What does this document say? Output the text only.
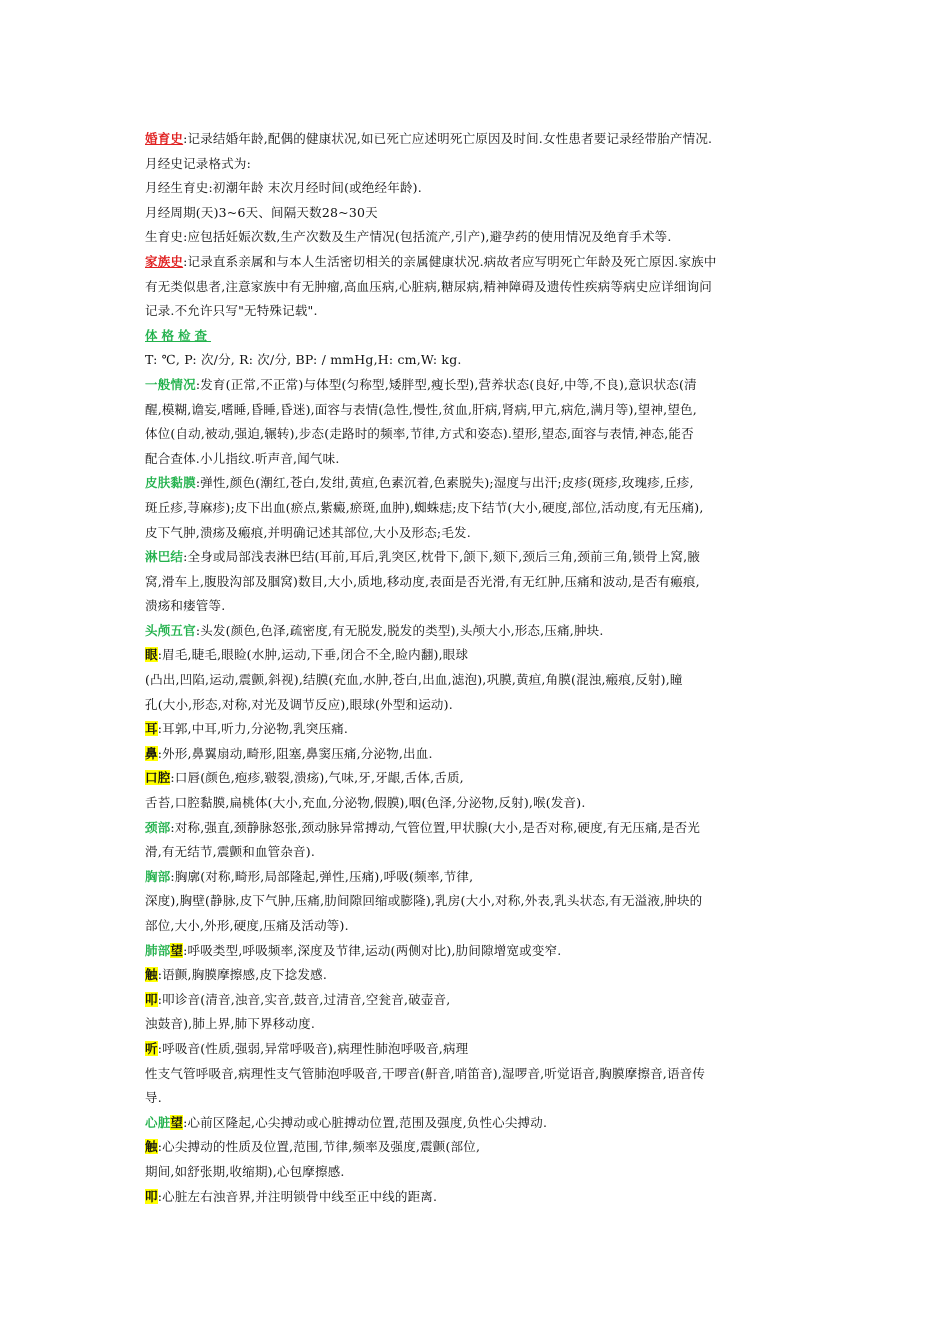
婚育史:记录结婚年龄,配偶的健康状况,如已死亡应述明死亡原因及时间.女性患者要记录经带胎产情况.
月经史记录格式为:
月经生育史:初潮年龄 末次月经时间(或绝经年龄).
月经周期(天)3~6天、间隔天数28~30天
生育史:应包括妊娠次数,生产次数及生产情况(包括流产,引产),避孕药的使用情况及绝育手术等.
家族史:记录直系亲属和与本人生活密切相关的亲属健康状况.病故者应写明死亡年龄及死亡原因.家族中
有无类似患者,注意家族中有无肿瘤,高血压病,心脏病,糖尿病,精神障碍及遗传性疾病等病史应详细询问
记录.不允许只写"无特殊记载".
体格检查
T: ℃, P: 次/分, R: 次/分, BP: / mmHg,H: cm,W: kg.
一般情况:发育(正常,不正常)与体型(匀称型,矮胖型,瘦长型),营养状态(良好,中等,不良),意识状态(清
醒,模糊,谵妄,嗜睡,昏睡,昏迷),面容与表情(急性,慢性,贫血,肝病,肾病,甲亢,病危,满月等),望神,望色,
体位(自动,被动,强迫,辗转),步态(走路时的频率,节律,方式和姿态).望形,望态,面容与表情,神态,能否
配合查体.小儿指纹.听声音,闻气味.
皮肤黏膜:弹性,颜色(潮红,苍白,发绀,黄疸,色素沉着,色素脱失);湿度与出汗;皮疹(斑疹,玫瑰疹,丘疹,
斑丘疹,荨麻疹);皮下出血(瘀点,紫癜,瘀斑,血肿),蜘蛛痣;皮下结节(大小,硬度,部位,活动度,有无压痛),
皮下气肿,溃疡及瘢痕,并明确记述其部位,大小及形态;毛发.
淋巴结:全身或局部浅表淋巴结(耳前,耳后,乳突区,枕骨下,颌下,颏下,颈后三角,颈前三角,锁骨上窝,腋
窝,滑车上,腹股沟部及腘窝)数目,大小,质地,移动度,表面是否光滑,有无红肿,压痛和波动,是否有瘢痕,
溃疡和瘘管等.
头颅五官:头发(颜色,色泽,疏密度,有无脱发,脱发的类型),头颅大小,形态,压痛,肿块.
眼:眉毛,睫毛,眼睑(水肿,运动,下垂,闭合不全,睑内翻),眼球
(凸出,凹陷,运动,震颤,斜视),结膜(充血,水肿,苍白,出血,滤泡),巩膜,黄疸,角膜(混浊,瘢痕,反射),瞳
孔(大小,形态,对称,对光及调节反应),眼球(外型和运动).
耳:耳郭,中耳,听力,分泌物,乳突压痛.
鼻:外形,鼻翼扇动,畸形,阻塞,鼻窦压痛,分泌物,出血.
口腔:口唇(颜色,疱疹,皲裂,溃疡),气味,牙,牙龈,舌体,舌质,
舌苔,口腔黏膜,扁桃体(大小,充血,分泌物,假膜),咽(色泽,分泌物,反射),喉(发音).
颈部:对称,强直,颈静脉怒张,颈动脉异常搏动,气管位置,甲状腺(大小,是否对称,硬度,有无压痛,是否光
滑,有无结节,震颤和血管杂音).
胸部:胸廓(对称,畸形,局部隆起,弹性,压痛),呼吸(频率,节律,
深度),胸壁(静脉,皮下气肿,压痛,肋间隙回缩或膨隆),乳房(大小,对称,外表,乳头状态,有无溢液,肿块的
部位,大小,外形,硬度,压痛及活动等).
肺部望:呼吸类型,呼吸频率,深度及节律,运动(两侧对比),肋间隙增宽或变窄.
触:语颤,胸膜摩擦感,皮下捻发感.
叩:叩诊音(清音,浊音,实音,鼓音,过清音,空瓮音,破壶音,
浊鼓音),肺上界,肺下界移动度.
听:呼吸音(性质,强弱,异常呼吸音),病理性肺泡呼吸音,病理
性支气管呼吸音,病理性支气管肺泡呼吸音,干啰音(鼾音,哨笛音),湿啰音,听觉语音,胸膜摩擦音,语音传
导.
心脏望:心前区隆起,心尖搏动或心脏搏动位置,范围及强度,负性心尖搏动.
触:心尖搏动的性质及位置,范围,节律,频率及强度,震颤(部位,
期间,如舒张期,收缩期),心包摩擦感.
叩:心脏左右浊音界,并注明锁骨中线至正中线的距离.
